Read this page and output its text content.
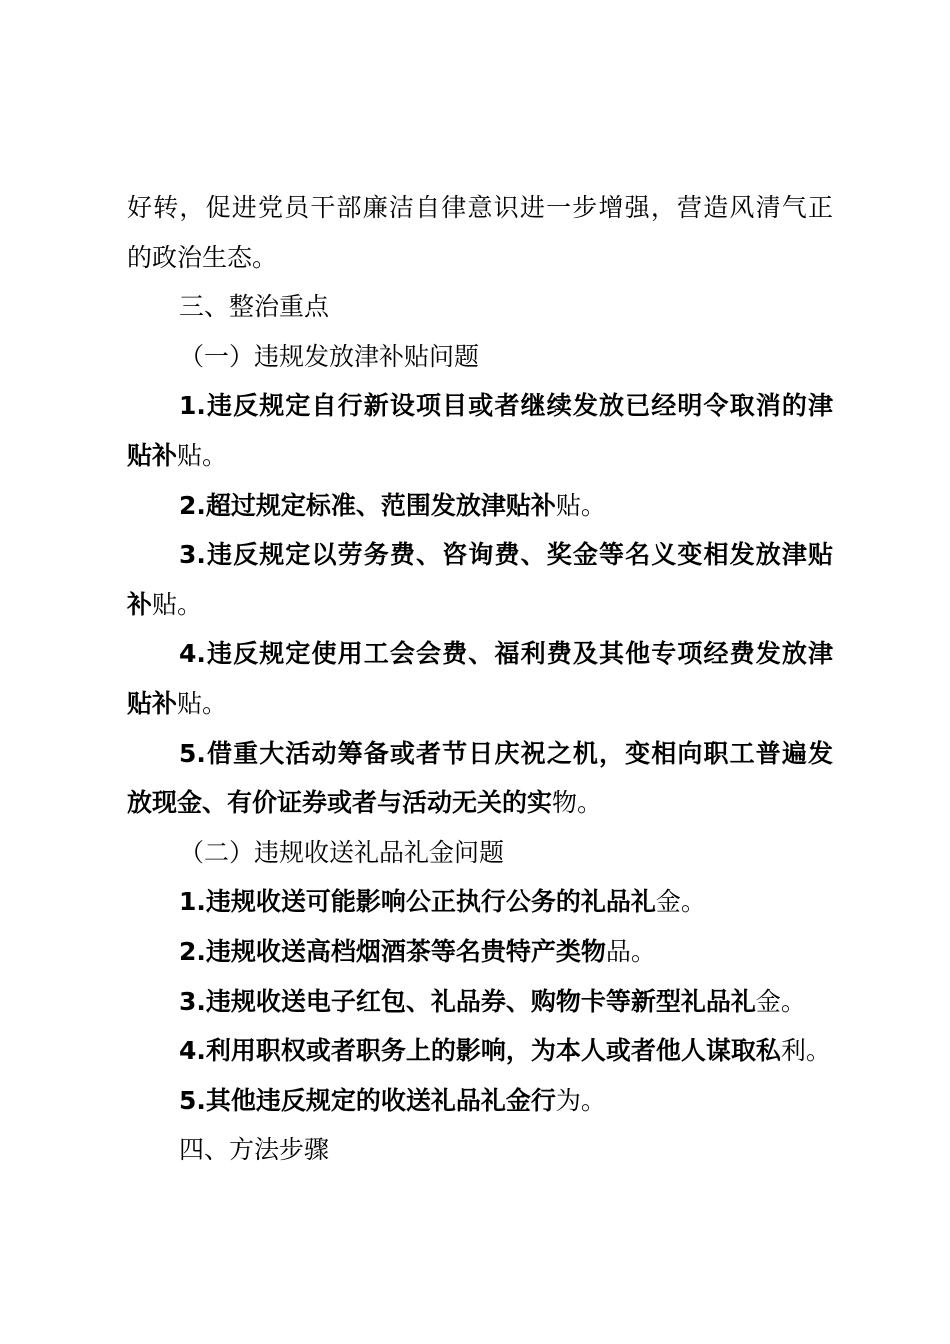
好转，促进党员干部廉洁自律意识进一步增强，营造风清气正
的政治生态。
三、整治重点
（一）违规发放津补贴问题
1.违反规定自行新设项目或者继续发放已经明令取消的津
贴补贴。
2.超过规定标准、范围发放津贴补贴。
3.违反规定以劳务费、咨询费、奖金等名义变相发放津贴
补贴。
4.违反规定使用工会会费、福利费及其他专项经费发放津
贴补贴。
5.借重大活动筹备或者节日庆祝之机，变相向职工普遍发
放现金、有价证券或者与活动无关的实物。
（二）违规收送礼品礼金问题
1.违规收送可能影响公正执行公务的礼品礼金。
2.违规收送高档烟酒茶等名贵特产类物品。
3.违规收送电子红包、礼品券、购物卡等新型礼品礼金。
4.利用职权或者职务上的影响，为本人或者他人谋取私利。
5.其他违反规定的收送礼品礼金行为。
四、方法步骤
